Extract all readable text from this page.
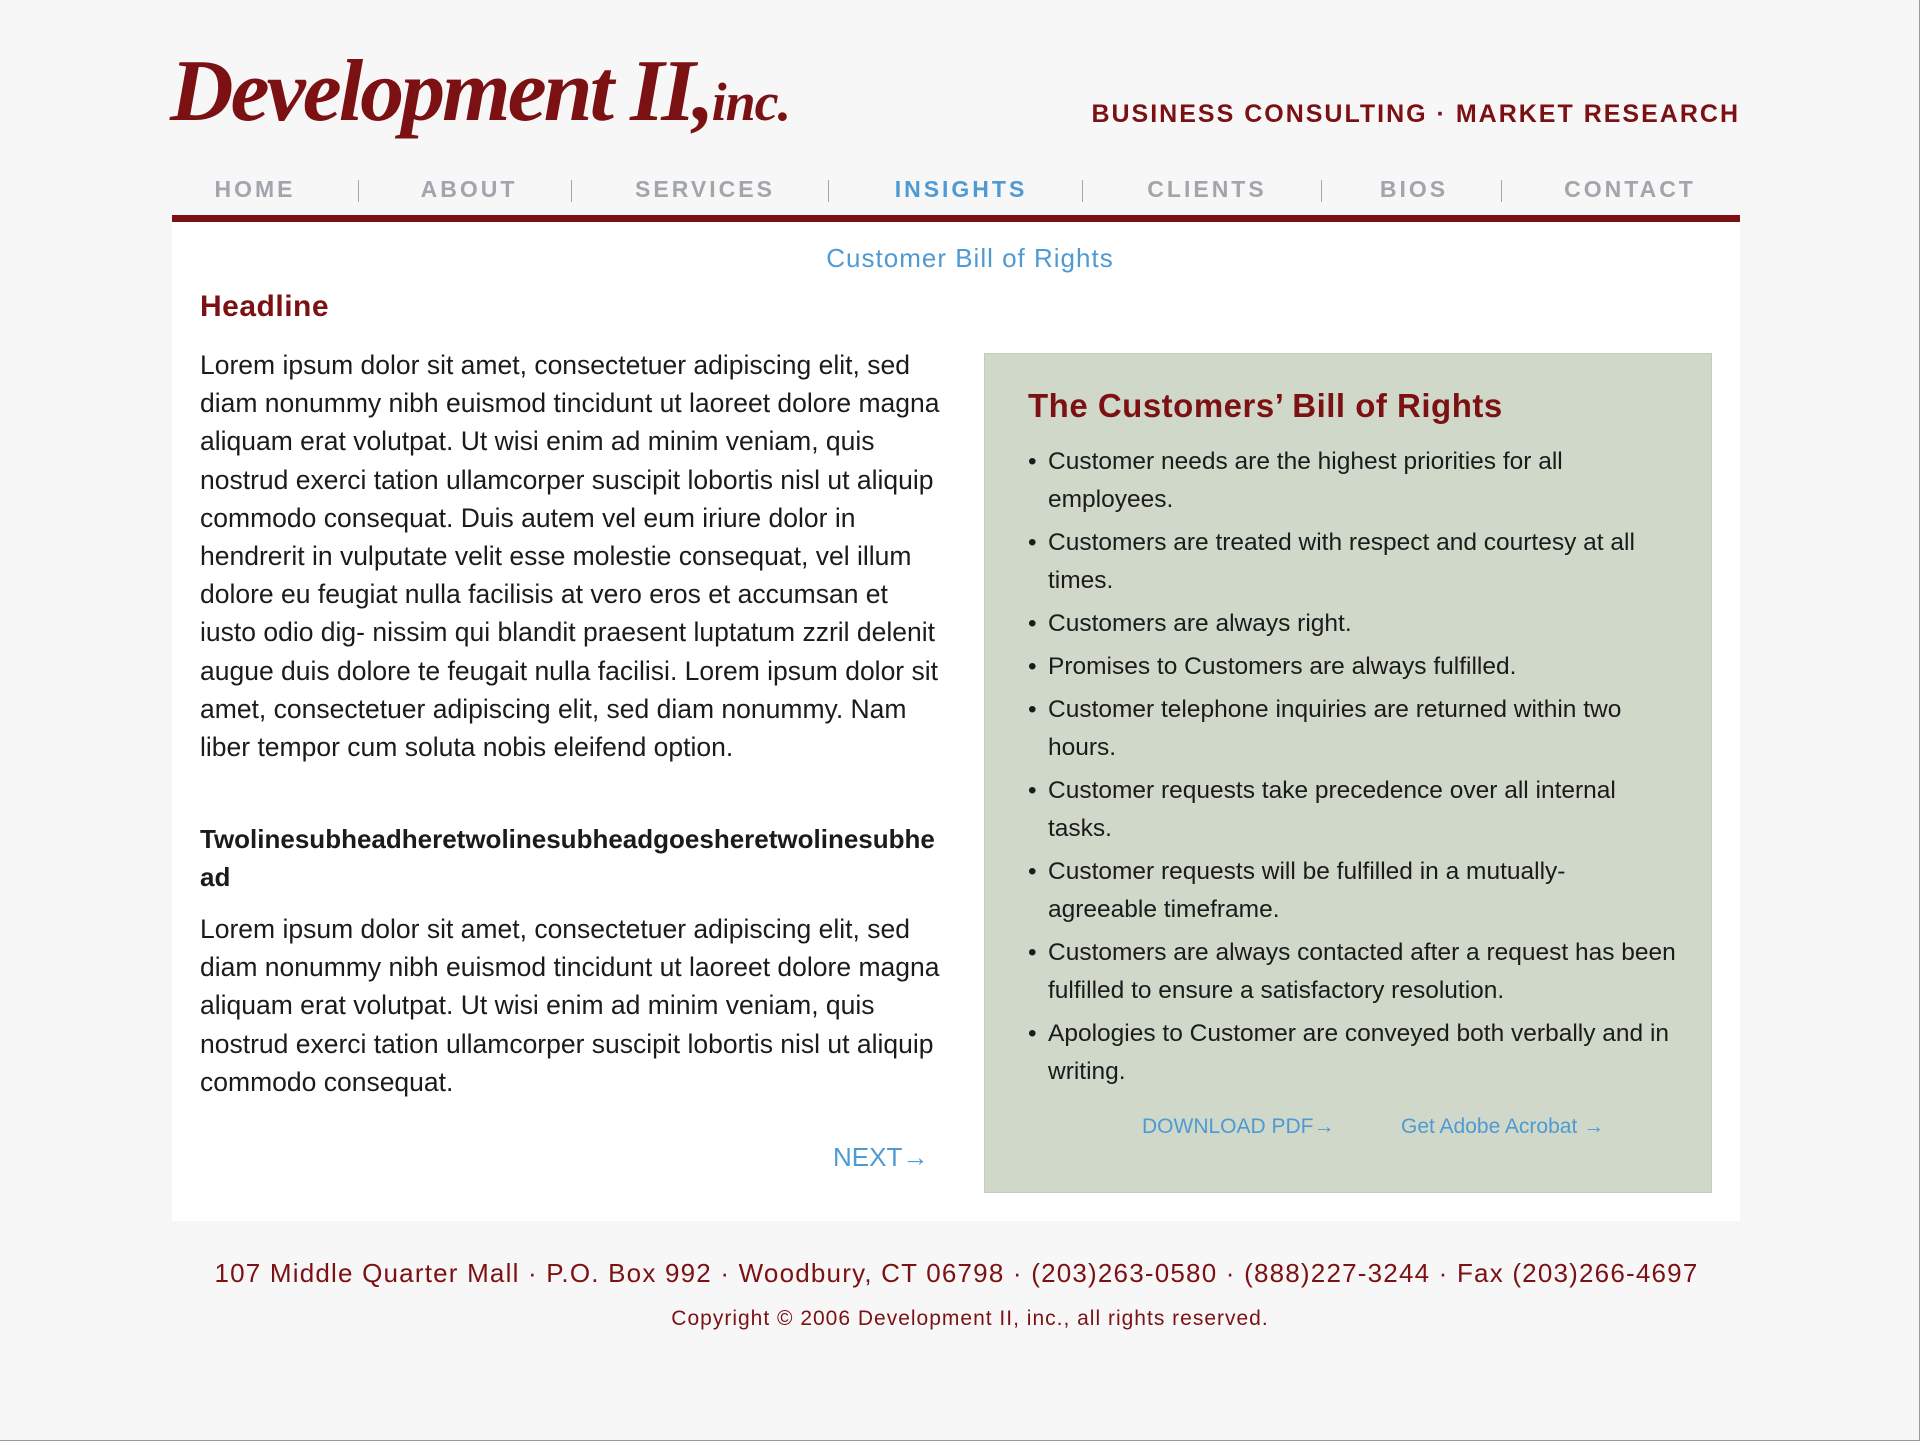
Development II,inc.	BUSINESS CONSULTING · MARKET RESEARCH
HOME	ABOUT	SERVICES	INSIGHTS	CLIENTS	BIOS	CONTACT
Customer Bill of Rights
Headline

Lorem ipsum dolor sit amet, consectetuer adipiscing elit, sed diam nonummy nibh euismod tincidunt ut laoreet dolore magna aliquam erat volutpat. Ut wisi enim ad minim veniam, quis nostrud exerci tation ullamcorper suscipit lobortis nisl ut aliquip commodo consequat. Duis autem vel eum iriure dolor in hendrerit in vulputate velit esse molestie consequat, vel illum dolore eu feugiat nulla facilisis at vero eros et accumsan et iusto odio dig- nissim qui blandit praesent luptatum zzril delenit augue duis dolore te feugait nulla facilisi. Lorem ipsum dolor sit amet, consectetuer adipiscing elit, sed diam nonummy. Nam liber tempor cum soluta nobis eleifend option.

Twolinesubheadheretwolinesubheadgoesheretwolinesubhead

Lorem ipsum dolor sit amet, consectetuer adipiscing elit, sed diam nonummy nibh euismod tincidunt ut laoreet dolore magna aliquam erat volutpat. Ut wisi enim ad minim veniam, quis nostrud exerci tation ullamcorper suscipit lobortis nisl ut aliquip commodo consequat.

NEXT→
The Customers’ Bill of Rights
• Customer needs are the highest priorities for all employees.
• Customers are treated with respect and courtesy at all times.
• Customers are always right.
• Promises to Customers are always fulfilled.
• Customer telephone inquiries are returned within two hours.
• Customer requests take precedence over all internal tasks.
• Customer requests will be fulfilled in a mutually- agreeable timeframe.
• Customers are always contacted after a request has been fulfilled to ensure a satisfactory resolution.
• Apologies to Customer are conveyed both verbally and in writing.
DOWNLOAD PDF→	Get Adobe Acrobat →
107 Middle Quarter Mall · P.O. Box 992 · Woodbury, CT 06798 · (203)263-0580 · (888)227-3244 · Fax (203)266-4697
Copyright © 2006 Development II, inc., all rights reserved.
